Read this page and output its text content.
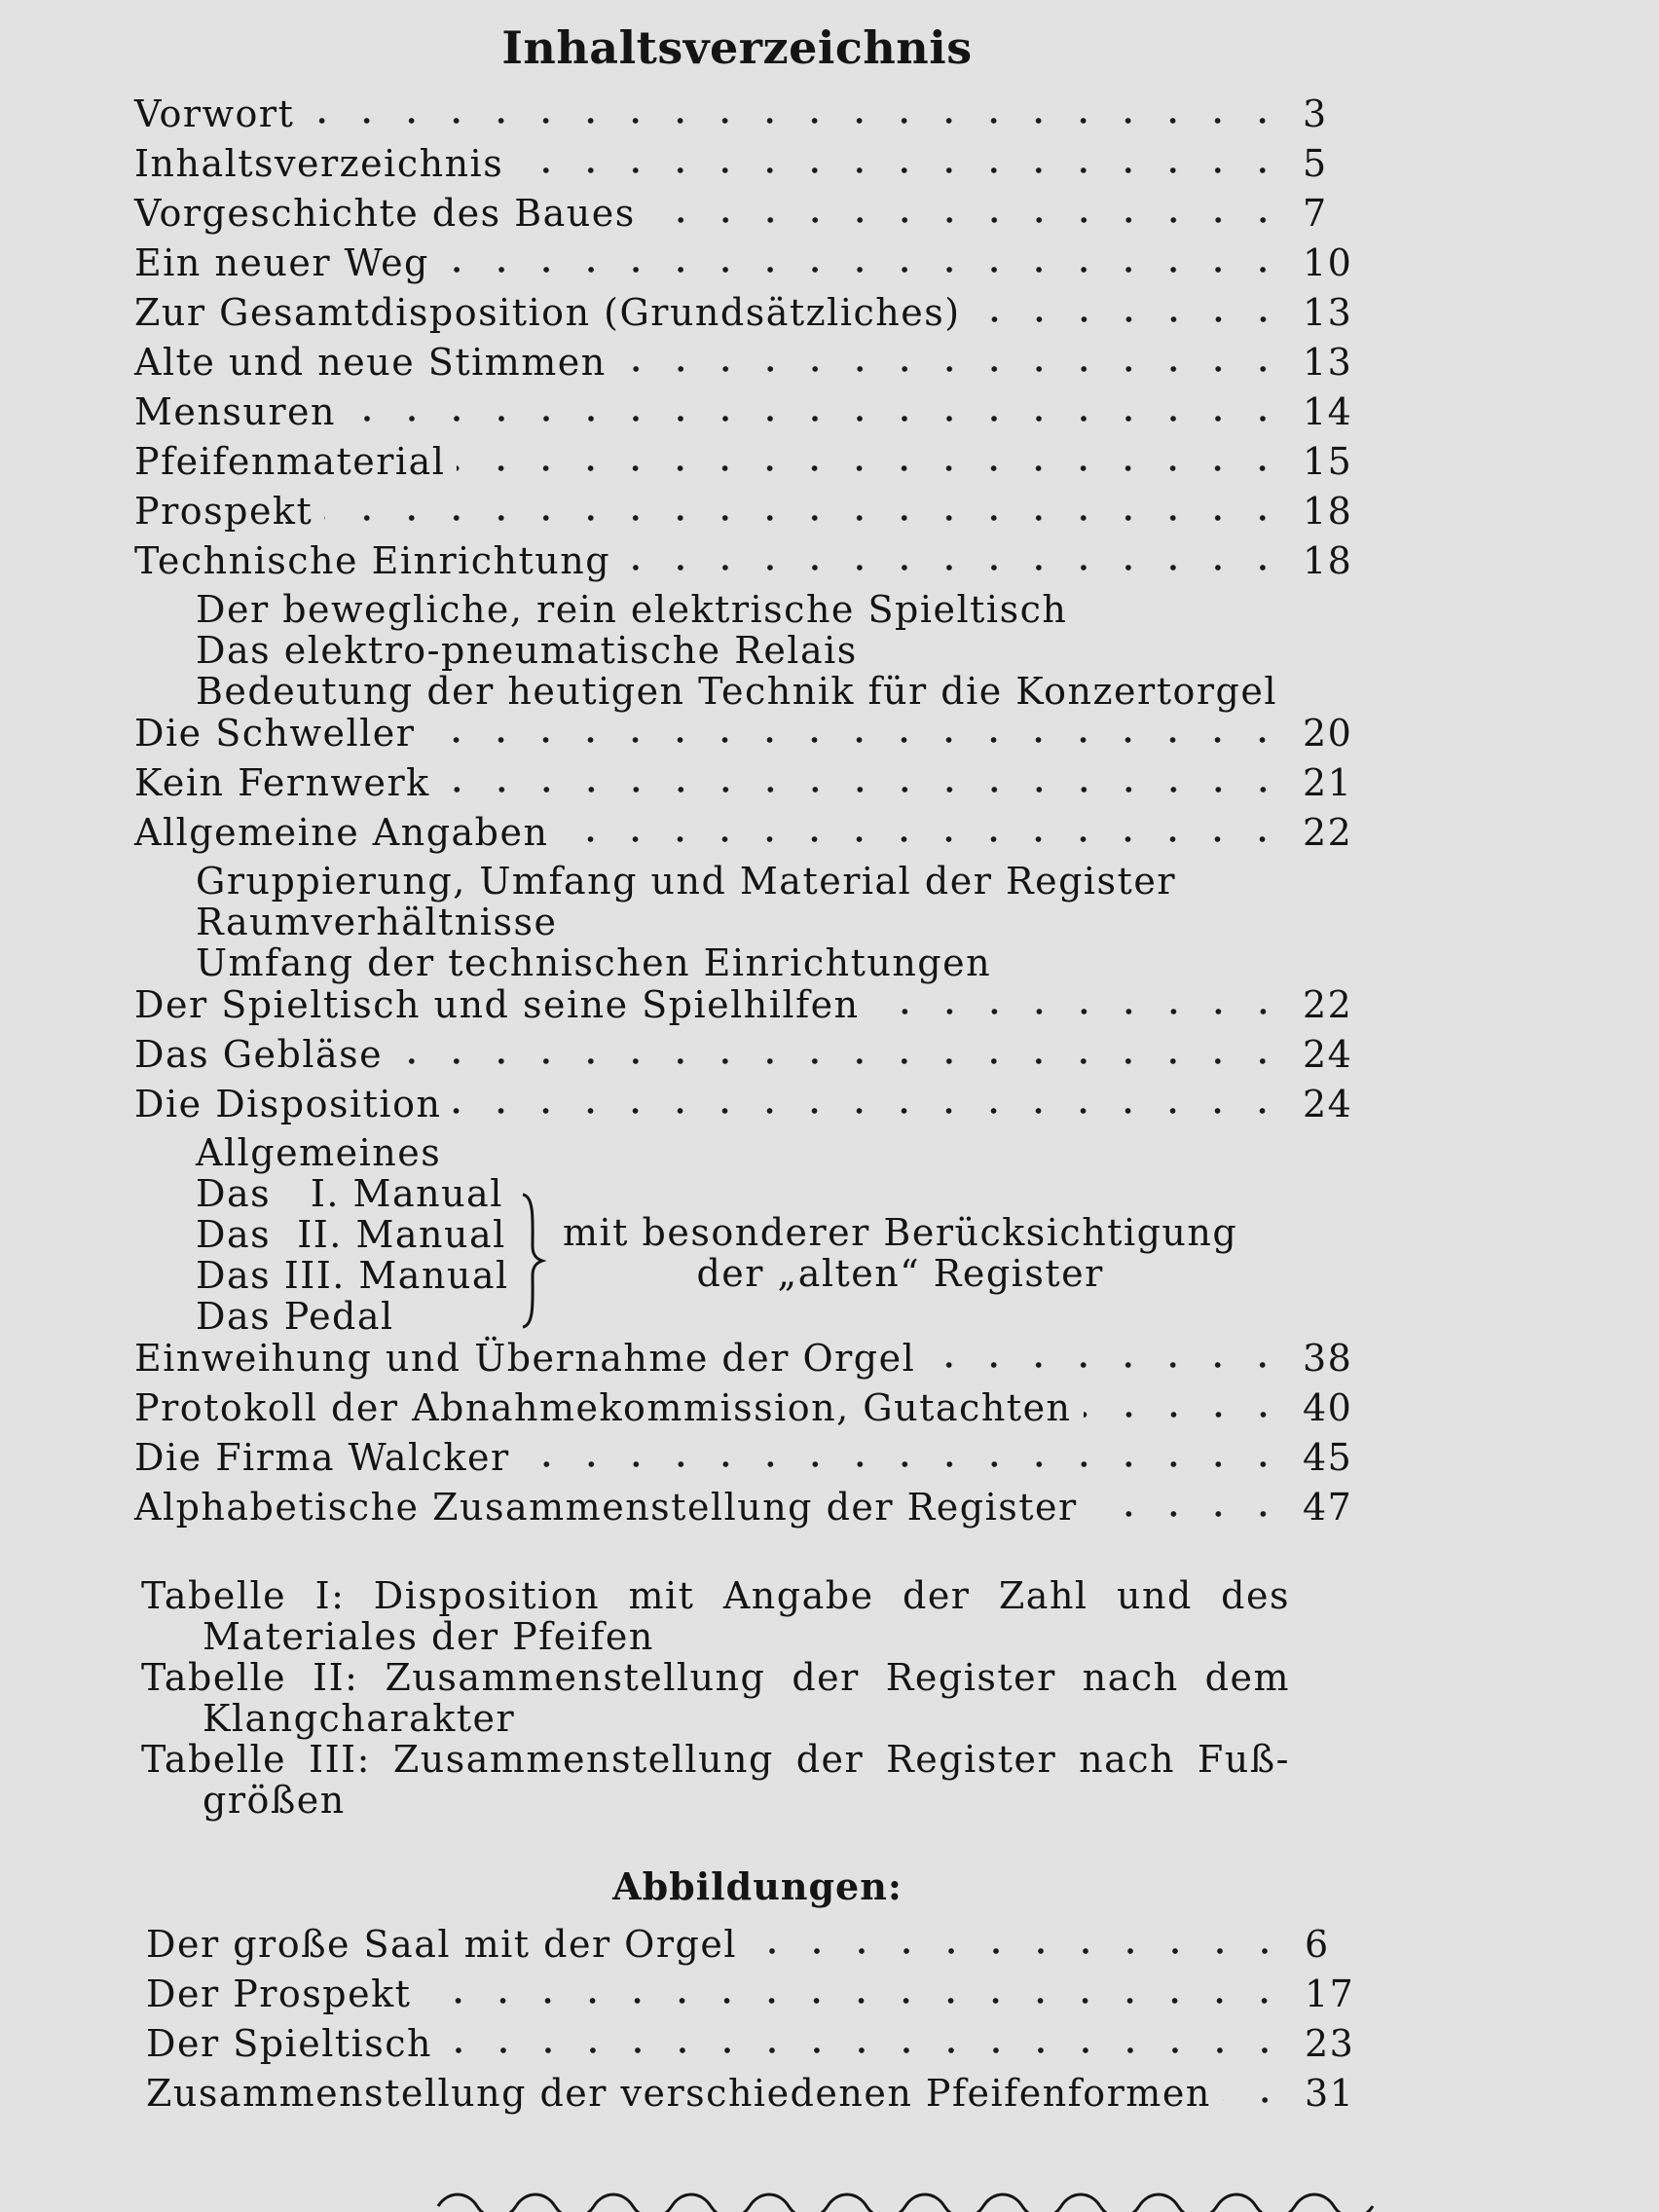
Inhaltsverzeichnis
Vorwort	3
Inhaltsverzeichnis	5
Vorgeschichte des Baues	7
Ein neuer Weg	10
Zur Gesamtdisposition (Grundsätzliches)	13
Alte und neue Stimmen	13
Mensuren	14
Pfeifenmaterial	15
Prospekt	18
Technische Einrichtung	18
Der bewegliche, rein elektrische Spieltisch
Das elektro-pneumatische Relais
Bedeutung der heutigen Technik für die Konzertorgel
Die Schweller	20
Kein Fernwerk	21
Allgemeine Angaben	22
Gruppierung, Umfang und Material der Register
Raumverhältnisse
Umfang der technischen Einrichtungen
Der Spieltisch und seine Spielhilfen	22
Das Gebläse	24
Die Disposition	24
Allgemeines
Das   I. Manual
Das  II. Manual
Das III. Manual
Das Pedal
mit besonderer Berücksichtigung
der „alten“ Register
Einweihung und Übernahme der Orgel	38
Protokoll der Abnahmekommission, Gutachten	40
Die Firma Walcker	45
Alphabetische Zusammenstellung der Register	47
Tabelle I: Disposition mit Angabe der Zahl und des
Materiales der Pfeifen
Tabelle II: Zusammenstellung der Register nach dem
Klangcharakter
Tabelle III: Zusammenstellung der Register nach Fuß-
größen
Abbildungen:
Der große Saal mit der Orgel	6
Der Prospekt	17
Der Spieltisch	23
Zusammenstellung der verschiedenen Pfeifenformen	31
